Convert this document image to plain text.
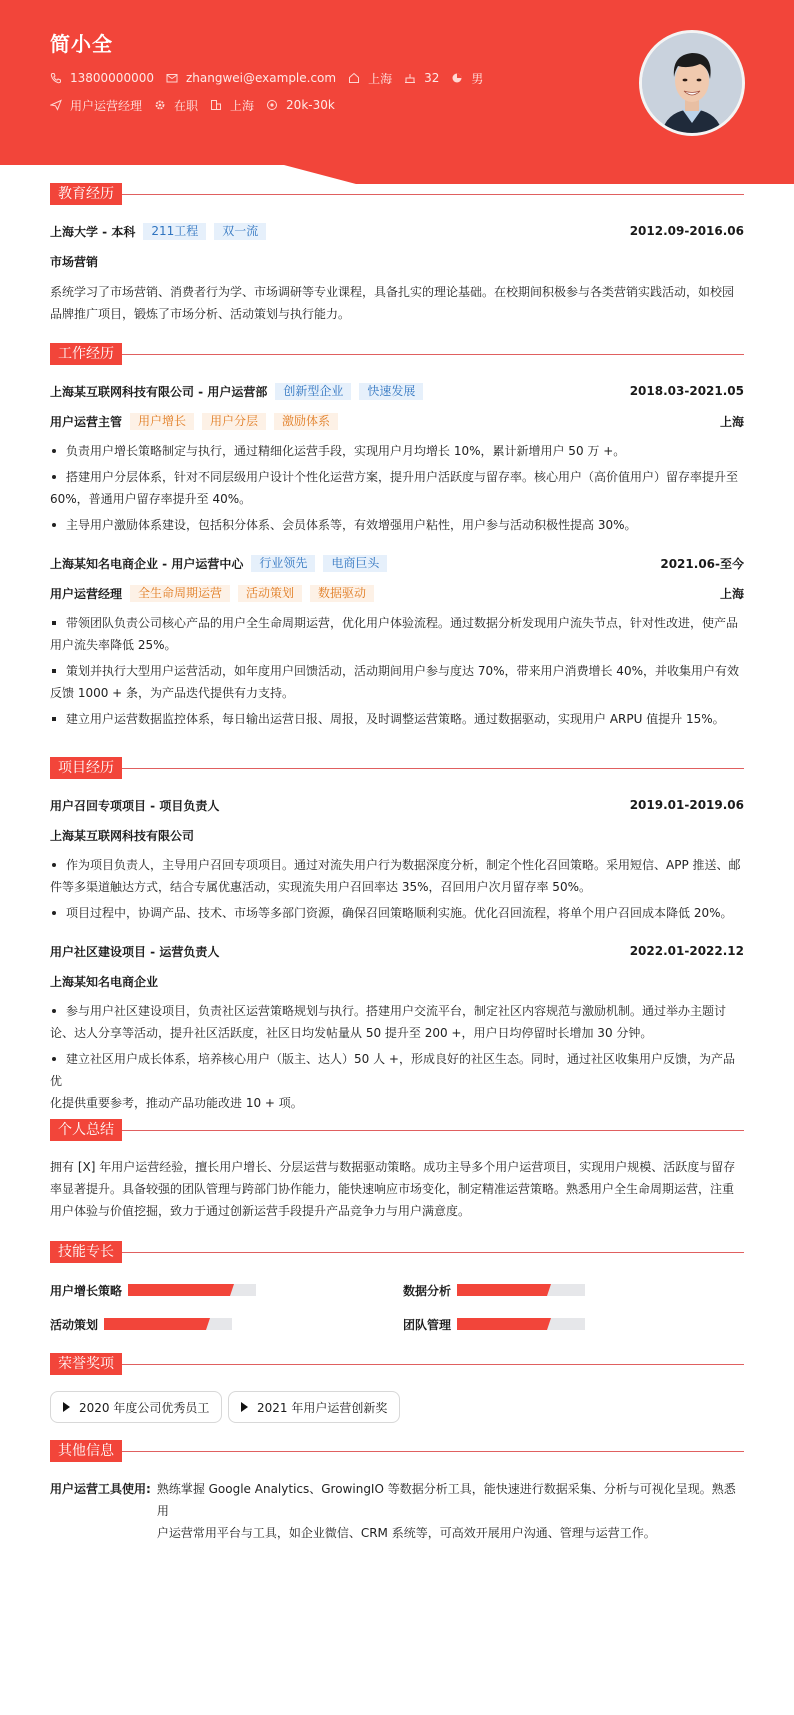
简小全
13800000000	zhangwei@example.com	上海	32	男
用户运营经理	在职	上海	20k-30k
教育经历
上海大学 - 本科	211工程	双一流	2012.09-2016.06
市场营销
系统学习了市场营销、消费者行为学、市场调研等专业课程，具备扎实的理论基础。在校期间积极参与各类营销实践活动，如校园
品牌推广项目，锻炼了市场分析、活动策划与执行能力。
工作经历
上海某互联网科技有限公司 - 用户运营部	创新型企业	快速发展	2018.03-2021.05
用户运营主管	用户增长	用户分层	激励体系	上海
负责用户增长策略制定与执行，通过精细化运营手段，实现用户月均增长 10%，累计新增用户 50 万 +。
搭建用户分层体系，针对不同层级用户设计个性化运营方案，提升用户活跃度与留存率。核心用户（高价值用户）留存率提升至
60%，普通用户留存率提升至 40%。
主导用户激励体系建设，包括积分体系、会员体系等，有效增强用户粘性，用户参与活动积极性提高 30%。
上海某知名电商企业 - 用户运营中心	行业领先	电商巨头	2021.06-至今
用户运营经理	全生命周期运营	活动策划	数据驱动	上海
带领团队负责公司核心产品的用户全生命周期运营，优化用户体验流程。通过数据分析发现用户流失节点，针对性改进，使产品
用户流失率降低 25%。
策划并执行大型用户运营活动，如年度用户回馈活动，活动期间用户参与度达 70%，带来用户消费增长 40%，并收集用户有效
反馈 1000 + 条，为产品迭代提供有力支持。
建立用户运营数据监控体系，每日输出运营日报、周报，及时调整运营策略。通过数据驱动，实现用户 ARPU 值提升 15%。
项目经历
用户召回专项项目 - 项目负责人	2019.01-2019.06
上海某互联网科技有限公司
作为项目负责人，主导用户召回专项项目。通过对流失用户行为数据深度分析，制定个性化召回策略。采用短信、APP 推送、邮
件等多渠道触达方式，结合专属优惠活动，实现流失用户召回率达 35%，召回用户次月留存率 50%。
项目过程中，协调产品、技术、市场等多部门资源，确保召回策略顺利实施。优化召回流程，将单个用户召回成本降低 20%。
用户社区建设项目 - 运营负责人	2022.01-2022.12
上海某知名电商企业
参与用户社区建设项目，负责社区运营策略规划与执行。搭建用户交流平台，制定社区内容规范与激励机制。通过举办主题讨
论、达人分享等活动，提升社区活跃度，社区日均发帖量从 50 提升至 200 +，用户日均停留时长增加 30 分钟。
建立社区用户成长体系，培养核心用户（版主、达人）50 人 +，形成良好的社区生态。同时，通过社区收集用户反馈，为产品优
化提供重要参考，推动产品功能改进 10 + 项。
个人总结
拥有 [X] 年用户运营经验，擅长用户增长、分层运营与数据驱动策略。成功主导多个用户运营项目，实现用户规模、活跃度与留存
率显著提升。具备较强的团队管理与跨部门协作能力，能快速响应市场变化，制定精准运营策略。熟悉用户全生命周期运营，注重
用户体验与价值挖掘，致力于通过创新运营手段提升产品竞争力与用户满意度。
技能专长
用户增长策略	数据分析
活动策划	团队管理
荣誉奖项
2020 年度公司优秀员工	2021 年用户运营创新奖
其他信息
用户运营工具使用: 熟练掌握 Google Analytics、GrowingIO 等数据分析工具，能快速进行数据采集、分析与可视化呈现。熟悉用
户运营常用平台与工具，如企业微信、CRM 系统等，可高效开展用户沟通、管理与运营工作。
